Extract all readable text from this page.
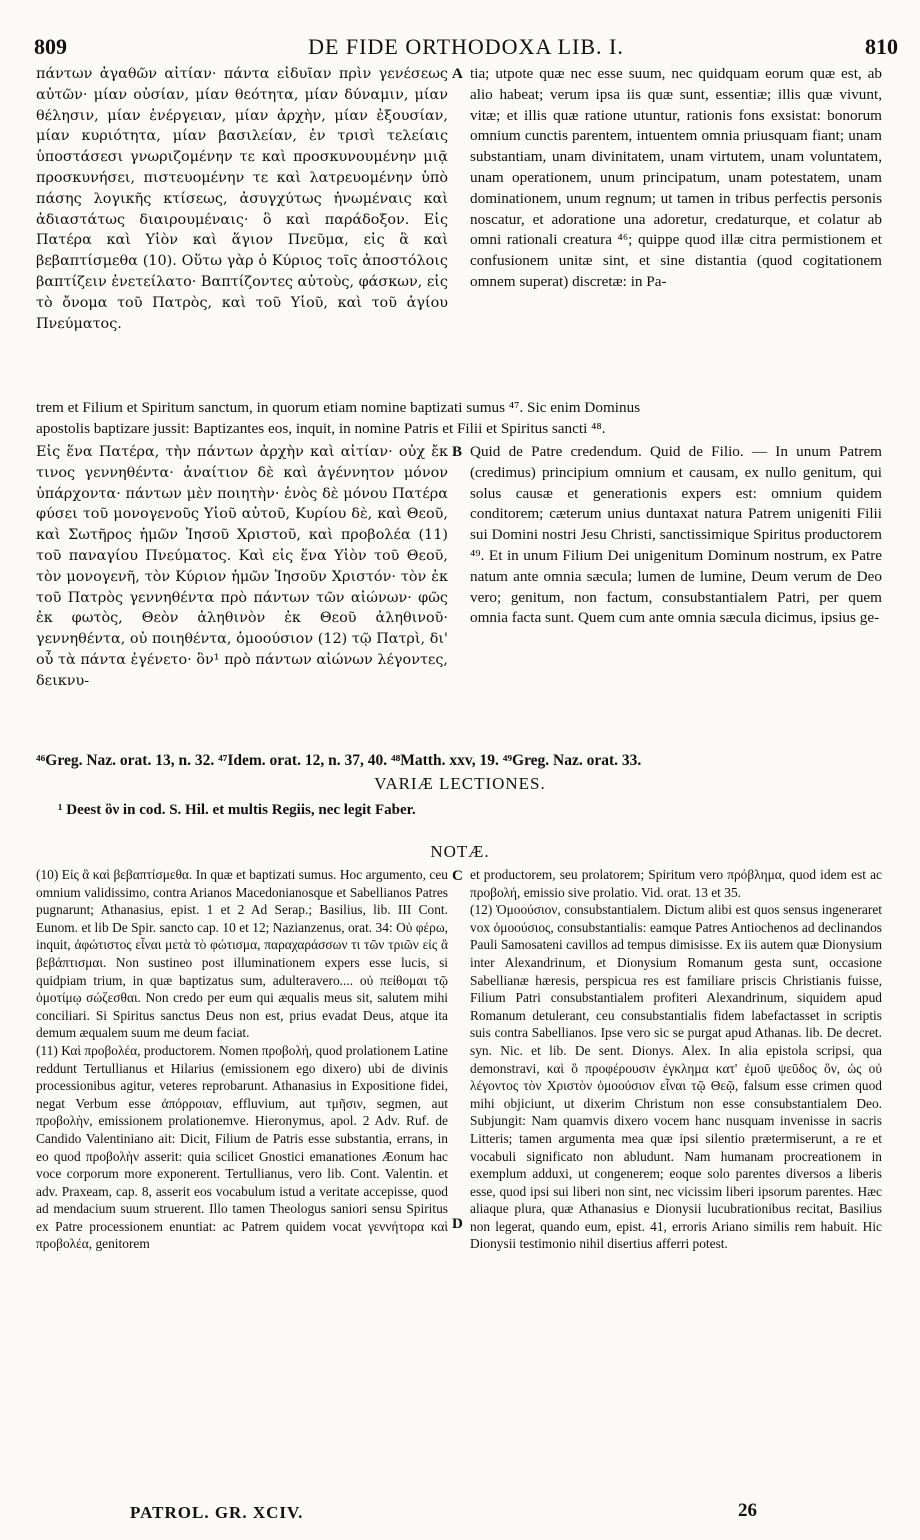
809	DE FIDE ORTHODOXA LIB. I.	810

πάντων ἀγαθῶν αἰτίαν· πάντα εἰδυῖαν πρὶν γενέσεως αὐτῶν· μίαν οὐσίαν, μίαν θεότητα, μίαν δύναμιν, μίαν θέλησιν, μίαν ἐνέργειαν, μίαν ἀρχὴν, μίαν ἐξουσίαν, μίαν κυριότητα, μίαν βασιλείαν, ἐν τρισὶ τελείαις ὑποστάσεσι γνωριζομένην τε καὶ προσκυνουμένην μιᾷ προσκυνήσει, πιστευομένην τε καὶ λατρευομένην ὑπὸ πάσης λογικῆς κτίσεως, ἀσυγχύτως ἡνωμέναις καὶ ἀδιαστάτως διαιρουμέναις· ὃ καὶ παράδοξον. Εἰς Πατέρα καὶ Υἱὸν καὶ ἅγιον Πνεῦμα, εἰς ἃ καὶ βεβαπτίσμεθα (10). Οὕτω γὰρ ὁ Κύριος τοῖς ἀποστόλοις βαπτίζειν ἐνετείλατο· Βαπτίζοντες αὐτοὺς, φάσκων, εἰς τὸ ὄνομα τοῦ Πατρὸς, καὶ τοῦ Υἱοῦ, καὶ τοῦ ἁγίου Πνεύματος.

A tia; utpote quæ nec esse suum, nec quidquam eorum quæ est, ab alio habeat; verum ipsa iis quæ sunt, essentiæ; illis quæ vivunt, vitæ; et illis quæ ratione utuntur, rationis fons exsistat: bonorum omnium cunctis parentem, intuentem omnia priusquam fiant; unam substantiam, unam divinitatem, unam virtutem, unam voluntatem, unam operationem, unum principatum, unam potestatem, unam dominationem, unum regnum; ut tamen in tribus perfectis personis noscatur, et adoratione una adoretur, credaturque, et colatur ab omni rationali creatura ⁴⁶; quippe quod illæ citra permistionem et confusionem unitæ sint, et sine distantia (quod cogitationem omnem superat) discretæ: in Pa-

trem et Filium et Spiritum sanctum, in quorum etiam nomine baptizati sumus ⁴⁷. Sic enim Dominus
apostolis baptizare jussit: Baptizantes eos, inquit, in nomine Patris et Filii et Spiritus sancti ⁴⁸.

Εἰς ἕνα Πατέρα, τὴν πάντων ἀρχὴν καὶ αἰτίαν· οὐχ ἔκ τινος γεννηθέντα· ἀναίτιον δὲ καὶ ἀγέννητον μόνον ὑπάρχοντα· πάντων μὲν ποιητὴν· ἑνὸς δὲ μόνου Πατέρα φύσει τοῦ μονογενοῦς Υἱοῦ αὐτοῦ, Κυρίου δὲ, καὶ Θεοῦ, καὶ Σωτῆρος ἡμῶν Ἰησοῦ Χριστοῦ, καὶ προβολέα (11) τοῦ παναγίου Πνεύματος. Καὶ εἰς ἕνα Υἱὸν τοῦ Θεοῦ, τὸν μονογενῆ, τὸν Κύριον ἡμῶν Ἰησοῦν Χριστόν· τὸν ἐκ τοῦ Πατρὸς γεννηθέντα πρὸ πάντων τῶν αἰώνων· φῶς ἐκ φωτὸς, Θεὸν ἀληθινὸν ἐκ Θεοῦ ἀληθινοῦ· γεννηθέντα, οὐ ποιηθέντα, ὁμοούσιον (12) τῷ Πατρὶ, δι' οὗ τὰ πάντα ἐγένετο· ὃν¹ πρὸ πάντων αἰώνων λέγοντες, δεικνυ-

B Quid de Patre credendum. Quid de Filio. — In unum Patrem (credimus) principium omnium et causam, ex nullo genitum, qui solus causæ et generationis expers est: omnium quidem conditorem; cæterum unius duntaxat natura Patrem unigeniti Filii sui Domini nostri Jesu Christi, sanctissimique Spiritus productorem ⁴⁹. Et in unum Filium Dei unigenitum Dominum nostrum, ex Patre natum ante omnia sæcula; lumen de lumine, Deum verum de Deo vero; genitum, non factum, consubstantialem Patri, per quem omnia facta sunt. Quem cum ante omnia sæcula dicimus, ipsius ge-

⁴⁶Greg. Naz. orat. 13, n. 32. ⁴⁷Idem. orat. 12, n. 37, 40. ⁴⁸Matth. xxv, 19. ⁴⁹Greg. Naz. orat. 33.
VARIÆ LECTIONES.
¹ Deest ὃν in cod. S. Hil. et multis Regiis, nec legit Faber.
NOTÆ.

(10) Εἰς ἃ καὶ βεβαπτίσμεθα. In quæ et baptizati sumus. Hoc argumento, ceu omnium validissimo, contra Arianos Macedonianosque et Sabellianos Patres pugnarunt; Athanasius, epist. 1 et 2 Ad Serap.; Basilius, lib. III Cont. Eunom. et lib De Spir. sancto cap. 10 et 12; Nazianzenus, orat. 34: Οὐ φέρω, inquit, ἀφώτιστος εἶναι μετὰ τὸ φώτισμα, παραχαράσσων τι τῶν τριῶν εἰς ἃ βεβάπτισμαι. Non sustineo post illuminationem expers esse lucis, si quidpiam trium, in quæ baptizatus sum, adulteravero.... οὐ πείθομαι τῷ ὁμοτίμῳ σώζεσθαι. Non credo per eum qui æqualis meus sit, salutem mihi conciliari. Si Spiritus sanctus Deus non est, prius evadat Deus, atque ita demum æqualem suum me deum faciat.

(11) Καὶ προβολέα, productorem. Nomen προβολή, quod prolationem Latine reddunt Tertullianus et Hilarius (emissionem ego dixero) ubi de divinis processionibus agitur, veteres reprobarunt. Athanasius in Expositione fidei, negat Verbum esse ἀπόρροιαν, effluvium, aut τμῆσιν, segmen, aut προβολὴν, emissionem prolationemve. Hieronymus, apol. 2 Adv. Ruf. de Candido Valentiniano ait: Dicit, Filium de Patris esse substantia, errans, in eo quod προβολὴν asserit: quia scilicet Gnostici emanationes Æonum hac voce corporum more exponerent. Tertullianus, vero lib. Cont. Valentin. et adv. Praxeam, cap. 8, asserit eos vocabulum istud a veritate accepisse, quod ad mendacium suum struerent. Illo tamen Theologus saniori sensu Spiritus ex Patre processionem enuntiat: ac Patrem quidem vocat γεννήτορα καὶ προβολέα, genitorem

C
D

et productorem, seu prolatorem; Spiritum vero πρόβλημα, quod idem est ac προβολή, emissio sive prolatio. Vid. orat. 13 et 35.

(12) Ὁμοούσιον, consubstantialem. Dictum alibi est quos sensus ingeneraret vox ὁμοούσιος, consubstantialis: eamque Patres Antiochenos ad declinandos Pauli Samosateni cavillos ad tempus dimisisse. Ex iis autem quæ Dionysium inter Alexandrinum, et Dionysium Romanum gesta sunt, occasione Sabellianæ hæresis, perspicua res est familiare priscis Christianis fuisse, Filium Patri consubstantialem profiteri Alexandrinum, siquidem apud Romanum detulerant, ceu consubstantialis fidem labefactasset in scriptis suis contra Sabellianos. Ipse vero sic se purgat apud Athanas. lib. De decret. syn. Nic. et lib. De sent. Dionys. Alex. In alia epistola scripsi, qua demonstravi, καὶ ὃ προφέρουσιν ἐγκλημα κατ' ἐμοῦ ψεῦδος ὂν, ὡς οὐ λέγοντος τὸν Χριστὸν ὁμοούσιον εἶναι τῷ Θεῷ, falsum esse crimen quod mihi objiciunt, ut dixerim Christum non esse consubstantialem Deo. Subjungit: Nam quamvis dixero vocem hanc nusquam invenisse in sacris Litteris; tamen argumenta mea quæ ipsi silentio prætermiserunt, a re et vocabuli significato non abludunt. Nam humanam procreationem in exemplum adduxi, ut congenerem; eoque solo parentes diversos a liberis esse, quod ipsi sui liberi non sint, nec vicissim liberi ipsorum parentes. Hæc aliaque plura, quæ Athanasius e Dionysii lucubrationibus recitat, Basilius non legerat, quando eum, epist. 41, erroris Ariano similis rem habuit. Hic Dionysii testimonio nihil disertius afferri potest.

PATROL. GR. XCIV.	26
